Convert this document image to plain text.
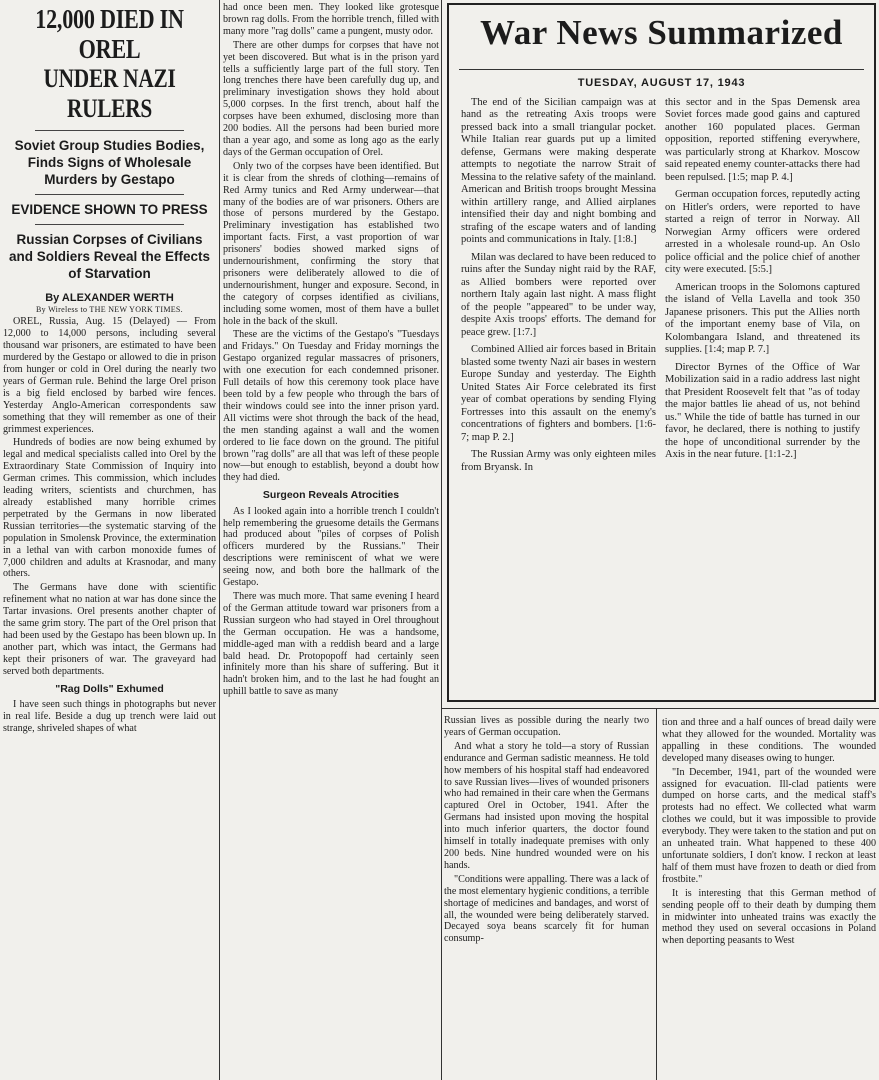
12,000 DIED IN OREL
UNDER NAZI RULERS
Soviet Group Studies Bodies, Finds Signs of Wholesale Murders by Gestapo
EVIDENCE SHOWN TO PRESS
Russian Corpses of Civilians and Soldiers Reveal the Effects of Starvation
By ALEXANDER WERTH
By Wireless to THE NEW YORK TIMES.

OREL, Russia, Aug. 15 (Delayed) — From 12,000 to 14,000 persons, including several thousand war prisoners, are estimated to have been murdered by the Gestapo or allowed to die in prison from hunger or cold in Orel during the nearly two years of German rule. Behind the large Orel prison is a big field enclosed by barbed wire fences. Yesterday Anglo-American correspondents saw something that they will remember as one of their grimmest experiences.

Hundreds of bodies are now being exhumed by legal and medical specialists called into Orel by the Extraordinary State Commission of Inquiry into German crimes. This commission, which includes leading writers, scientists and churchmen, has already established many horrible crimes perpetrated by the Germans in now liberated Russian territories—the systematic starving of the population in Smolensk Province, the extermination in a lethal van with carbon monoxide fumes of 7,000 children and adults at Krasnodar, and many others.

The Germans have done with scientific refinement what no nation at war has done since the Tartar invasions. Orel presents another chapter of the same grim story. The part of the Orel prison that had been used by the Gestapo has been blown up. In another part, which was intact, the Germans had kept their prisoners of war. The graveyard had served both departments.

"Rag Dolls" Exhumed

I have seen such things in photographs but never in real life. Beside a dug up trench were laid out strange, shriveled shapes of what

had once been men. They looked like grotesque brown rag dolls. From the horrible trench, filled with many more "rag dolls" came a pungent, musty odor.

There are other dumps for corpses that have not yet been discovered. But what is in the prison yard tells a sufficiently large part of the full story. Ten long trenches there have been carefully dug up, and preliminary investigation shows they hold about 5,000 corpses. In the first trench, about half the corpses have been exhumed, disclosing more than 200 bodies. All the persons had been buried more than a year ago, and some as long ago as the early days of the German occupation of Orel.

Only two of the corpses have been identified. But it is clear from the shreds of clothing—remains of Red Army tunics and Red Army underwear—that many of the bodies are of war prisoners. Others are those of persons murdered by the Gestapo. Preliminary investigation has established two important facts. First, a vast proportion of war prisoners' bodies showed marked signs of undernourishment, confirming the story that prisoners were deliberately allowed to die of undernourishment, hunger and exposure. Second, in the category of corpses identified as civilians, including some women, most of them have a bullet hole in the back of the skull.

These are the victims of the Gestapo's "Tuesdays and Fridays." On Tuesday and Friday mornings the Gestapo organized regular massacres of prisoners, with one execution for each condemned prisoner. Full details of how this ceremony took place have been told by a few people who through the bars of their windows could see into the inner prison yard. All victims were shot through the back of the head, the men standing against a wall and the women ordered to lie face down on the ground. The pitiful brown "rag dolls" are all that was left of these people now—but enough to establish, beyond a doubt how they had died.

Surgeon Reveals Atrocities

As I looked again into a horrible trench I couldn't help remembering the gruesome details the Germans had produced about "piles of corpses of Polish officers murdered by the Russians." Their descriptions were reminiscent of what we were seeing now, and both bore the hallmark of the Gestapo.

There was much more. That same evening I heard of the German attitude toward war prisoners from a Russian surgeon who had stayed in Orel throughout the German occupation. He was a handsome, middle-aged man with a reddish beard and a large bald head. Dr. Protopopoff had certainly seen infinitely more than his share of suffering. But it hadn't broken him, and to the last he had fought an uphill battle to save as many

War News Summarized
TUESDAY, AUGUST 17, 1943

The end of the Sicilian campaign was at hand as the retreating Axis troops were pressed back into a small triangular pocket. While Italian rear guards put up a limited defense, Germans were making desperate attempts to negotiate the narrow Strait of Messina to the relative safety of the mainland. American and British troops brought Messina within artillery range, and Allied airplanes intensified their day and night bombing and strafing of the escape waters and of landing points and communications in Italy. [1:8.]

Milan was declared to have been reduced to ruins after the Sunday night raid by the RAF, as Allied bombers were reported over northern Italy again last night. A mass flight of the people "appeared" to be under way, despite Axis troops' efforts. The demand for peace grew. [1:7.]

Combined Allied air forces based in Britain blasted some twenty Nazi air bases in western Europe Sunday and yesterday. The Eighth United States Air Force celebrated its first year of combat operations by sending Flying Fortresses into this assault on the enemy's concentrations of fighters and bombers. [1:6-7; map P. 2.]

The Russian Army was only eighteen miles from Bryansk. In

this sector and in the Spas Demensk area Soviet forces made good gains and captured another 160 populated places. German opposition, reported stiffening everywhere, was particularly strong at Kharkov. Moscow said repeated enemy counter-attacks there had been repulsed. [1:5; map P. 4.]

German occupation forces, reputedly acting on Hitler's orders, were reported to have started a reign of terror in Norway. All Norwegian Army officers were ordered arrested in a wholesale round-up. An Oslo police official and the police chief of another city were executed. [5:5.]

American troops in the Solomons captured the island of Vella Lavella and took 350 Japanese prisoners. This put the Allies north of the important enemy base of Vila, on Kolombangara Island, and threatened its supplies. [1:4; map P. 7.]

Director Byrnes of the Office of War Mobilization said in a radio address last night that President Roosevelt felt that "as of today the major battles lie ahead of us, not behind us." While the tide of battle has turned in our favor, he declared, there is nothing to justify the hope of unconditional surrender by the Axis in the near future. [1:1-2.]

Russian lives as possible during the nearly two years of German occupation.

And what a story he told—a story of Russian endurance and German sadistic meanness. He told how members of his hospital staff had endeavored to save Russian lives—lives of wounded prisoners who had remained in their care when the Germans captured Orel in October, 1941. After the Germans had insisted upon moving the hospital into much inferior quarters, the doctor found himself in totally inadequate premises with only 200 beds. Nine hundred wounded were on his hands.

"Conditions were appalling. There was a lack of the most elementary hygienic conditions, a terrible shortage of medicines and bandages, and worst of all, the wounded were being deliberately starved. Decayed soya beans scarcely fit for human consump-

tion and three and a half ounces of bread daily were what they allowed for the wounded. Mortality was appalling in these conditions. The wounded developed many diseases owing to hunger.

"In December, 1941, part of the wounded were assigned for evacuation. Ill-clad patients were dumped on horse carts, and the medical staff's protests had no effect. We collected what warm clothes we could, but it was impossible to provide everybody. They were taken to the station and put on an unheated train. What happened to these 400 unfortunate soldiers, I don't know. I reckon at least half of them must have frozen to death or died from frostbite."

It is interesting that this German method of sending people off to their death by dumping them in midwinter into unheated trains was exactly the method they used on several occasions in Poland when deporting peasants to West
